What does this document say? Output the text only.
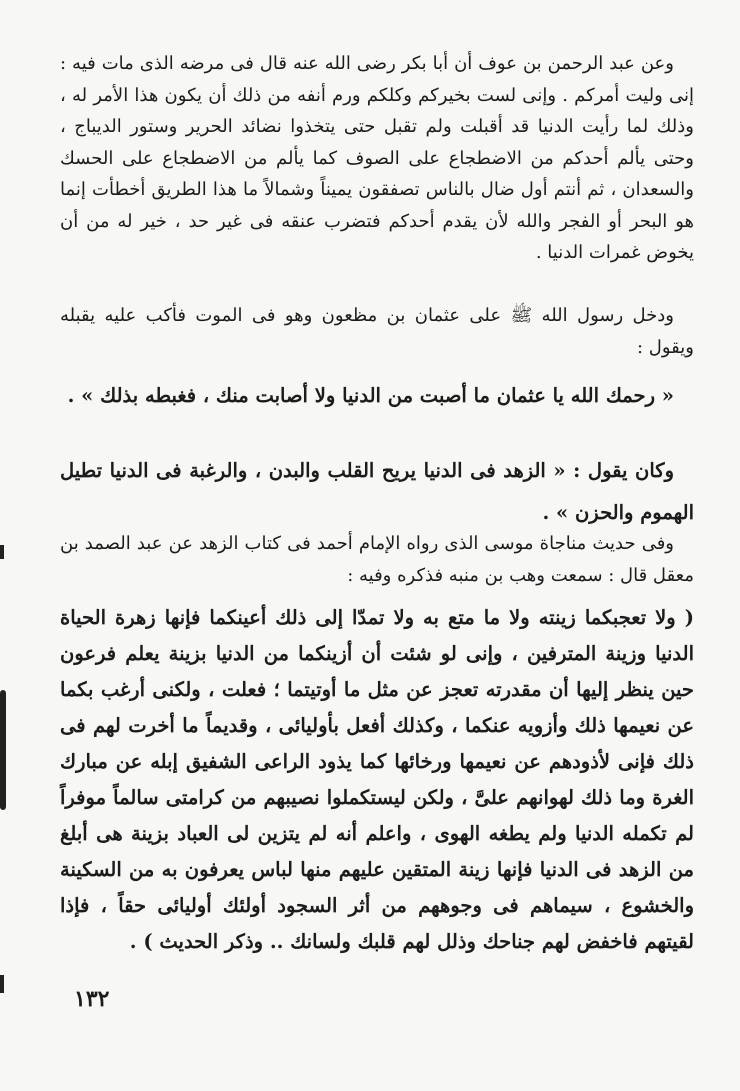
وعن عبد الرحمن بن عوف أن أبا بكر رضى الله عنه قال فى مرضه الذى مات فيه : إنى وليت أمركم . وإنى لست بخيركم وكلكم ورم أنفه من ذلك أن يكون هذا الأمر له ، وذلك لما رأيت الدنيا قد أقبلت ولم تقبل حتى يتخذوا نضائد الحرير وستور الديباج ، وحتى يألم أحدكم من الاضطجاع على الصوف كما يألم من الاضطجاع على الحسك والسعدان ، ثم أنتم أول ضال بالناس تصفقون يميناً وشمالاً ما هذا الطريق أخطأت إنما هو البحر أو الفجر والله لأن يقدم أحدكم فتضرب عنقه فى غير حد ، خير له من أن يخوض غمرات الدنيا .

ودخل رسول الله ﷺ على عثمان بن مظعون وهو فى الموت فأكب عليه يقبله ويقول :

« رحمك الله يا عثمان ما أصبت من الدنيا ولا أصابت منك ، فغبطه بذلك » .

وكان يقول : « الزهد فى الدنيا يريح القلب والبدن ، والرغبة فى الدنيا تطيل الهموم والحزن » .

وفى حديث مناجاة موسى الذى رواه الإمام أحمد فى كتاب الزهد عن عبد الصمد بن معقل قال : سمعت وهب بن منبه فذكره وفيه :

( ولا تعجبكما زينته ولا ما متع به ولا تمدّا إلى ذلك أعينكما فإنها زهرة الحياة الدنيا وزينة المترفين ، وإنى لو شئت أن أزينكما من الدنيا بزينة يعلم فرعون حين ينظر إليها أن مقدرته تعجز عن مثل ما أوتيتما ؛ فعلت ، ولكنى أرغب بكما عن نعيمها ذلك وأزويه عنكما ، وكذلك أفعل بأوليائى ، وقديماً ما أخرت لهم فى ذلك فإنى لأذودهم عن نعيمها ورخائها كما يذود الراعى الشفيق إبله عن مبارك الغرة وما ذلك لهوانهم علىَّ ، ولكن ليستكملوا نصيبهم من كرامتى سالماً موفراً لم تكمله الدنيا ولم يطغه الهوى ، واعلم أنه لم يتزين لى العباد بزينة هى أبلغ من الزهد فى الدنيا فإنها زينة المتقين عليهم منها لباس يعرفون به من السكينة والخشوع ، سيماهم فى وجوههم من أثر السجود أولئك أوليائى حقاً ، فإذا لقيتهم فاخفض لهم جناحك وذلل لهم قلبك ولسانك .. وذكر الحديث ) .

١٣٢
